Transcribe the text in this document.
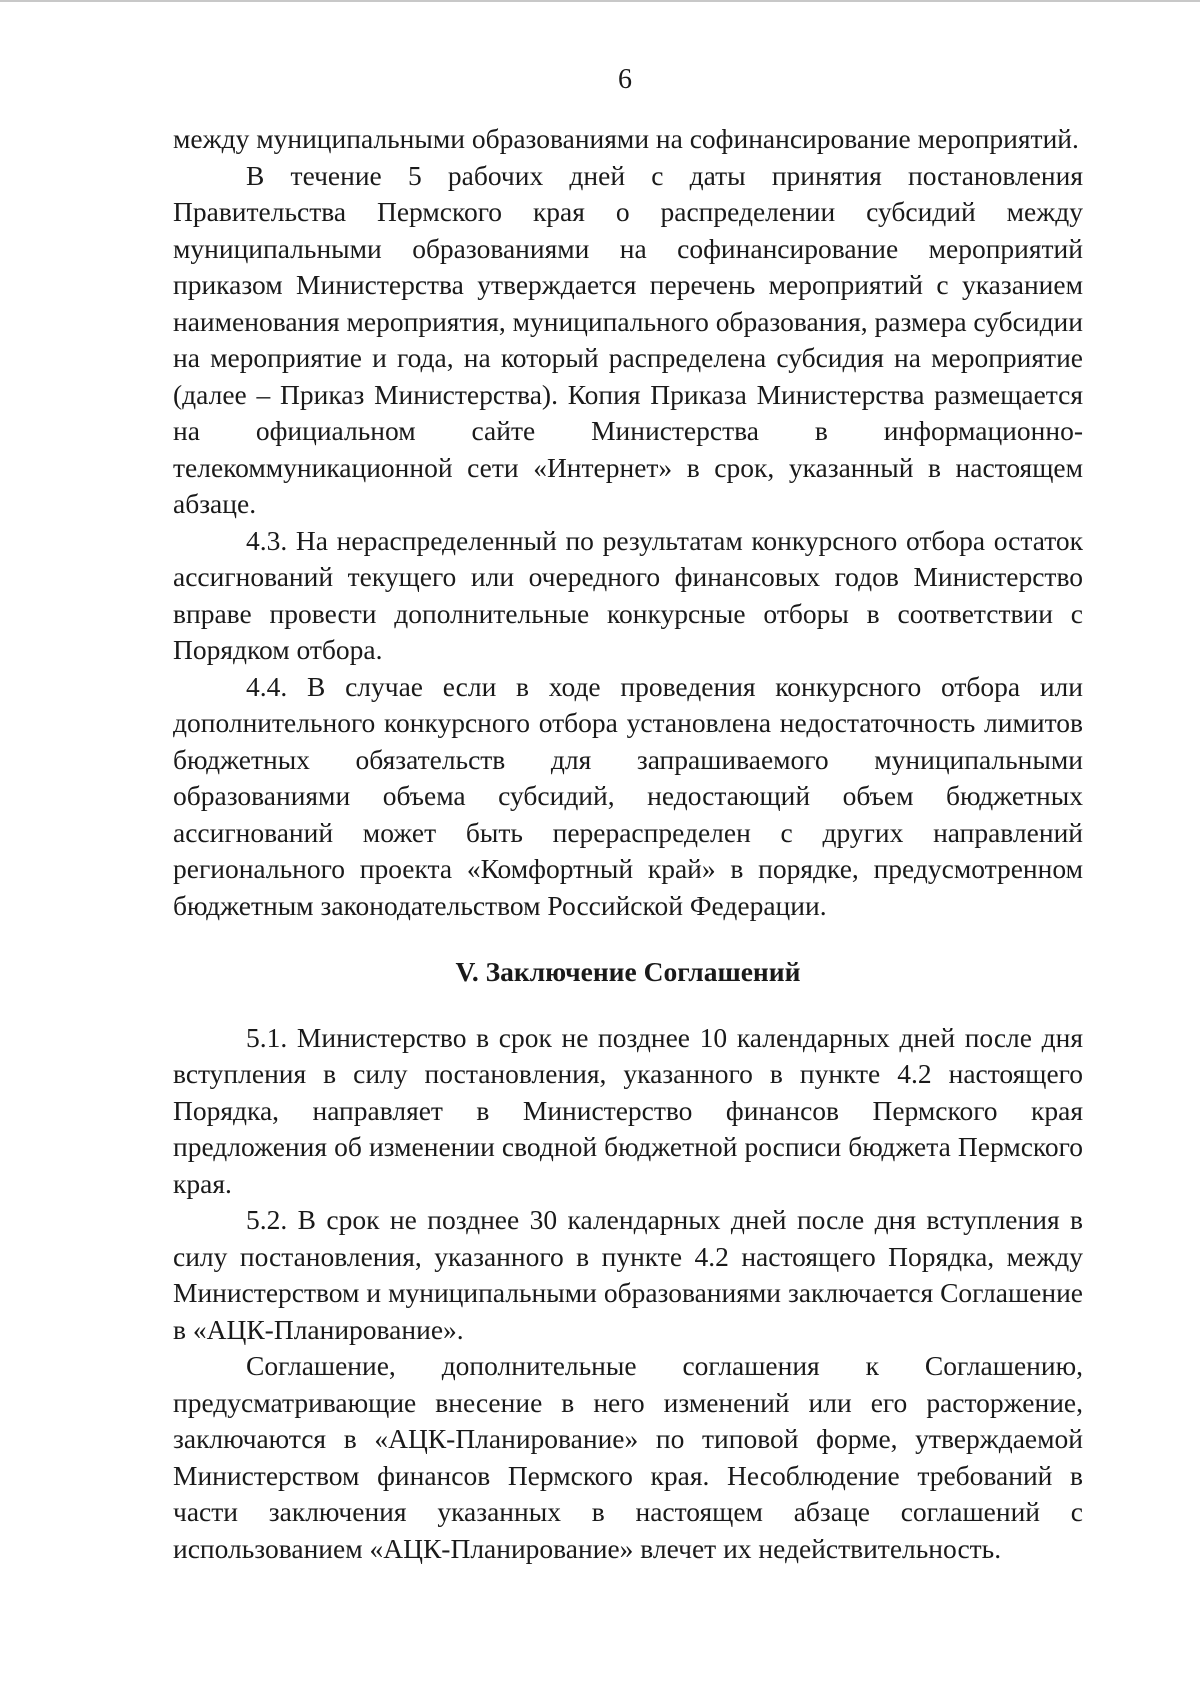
6

между муниципальными образованиями на софинансирование мероприятий.

В течение 5 рабочих дней с даты принятия постановления Правительства Пермского края о распределении субсидий между муниципальными образованиями на софинансирование мероприятий приказом Министерства утверждается перечень мероприятий с указанием наименования мероприятия, муниципального образования, размера субсидии на мероприятие и года, на который распределена субсидия на мероприятие (далее – Приказ Министерства). Копия Приказа Министерства размещается на официальном сайте Министерства в информационно-телекоммуникационной сети «Интернет» в срок, указанный в настоящем абзаце.

4.3. На нераспределенный по результатам конкурсного отбора остаток ассигнований текущего или очередного финансовых годов Министерство вправе провести дополнительные конкурсные отборы в соответствии с Порядком отбора.

4.4. В случае если в ходе проведения конкурсного отбора или дополнительного конкурсного отбора установлена недостаточность лимитов бюджетных обязательств для запрашиваемого муниципальными образованиями объема субсидий, недостающий объем бюджетных ассигнований может быть перераспределен с других направлений регионального проекта «Комфортный край» в порядке, предусмотренном бюджетным законодательством Российской Федерации.

V. Заключение Соглашений

5.1. Министерство в срок не позднее 10 календарных дней после дня вступления в силу постановления, указанного в пункте 4.2 настоящего Порядка, направляет в Министерство финансов Пермского края предложения об изменении сводной бюджетной росписи бюджета Пермского края.

5.2. В срок не позднее 30 календарных дней после дня вступления в силу постановления, указанного в пункте 4.2 настоящего Порядка, между Министерством и муниципальными образованиями заключается Соглашение в «АЦК-Планирование».

Соглашение, дополнительные соглашения к Соглашению, предусматривающие внесение в него изменений или его расторжение, заключаются в «АЦК-Планирование» по типовой форме, утверждаемой Министерством финансов Пермского края. Несоблюдение требований в части заключения указанных в настоящем абзаце соглашений с использованием «АЦК-Планирование» влечет их недействительность.
